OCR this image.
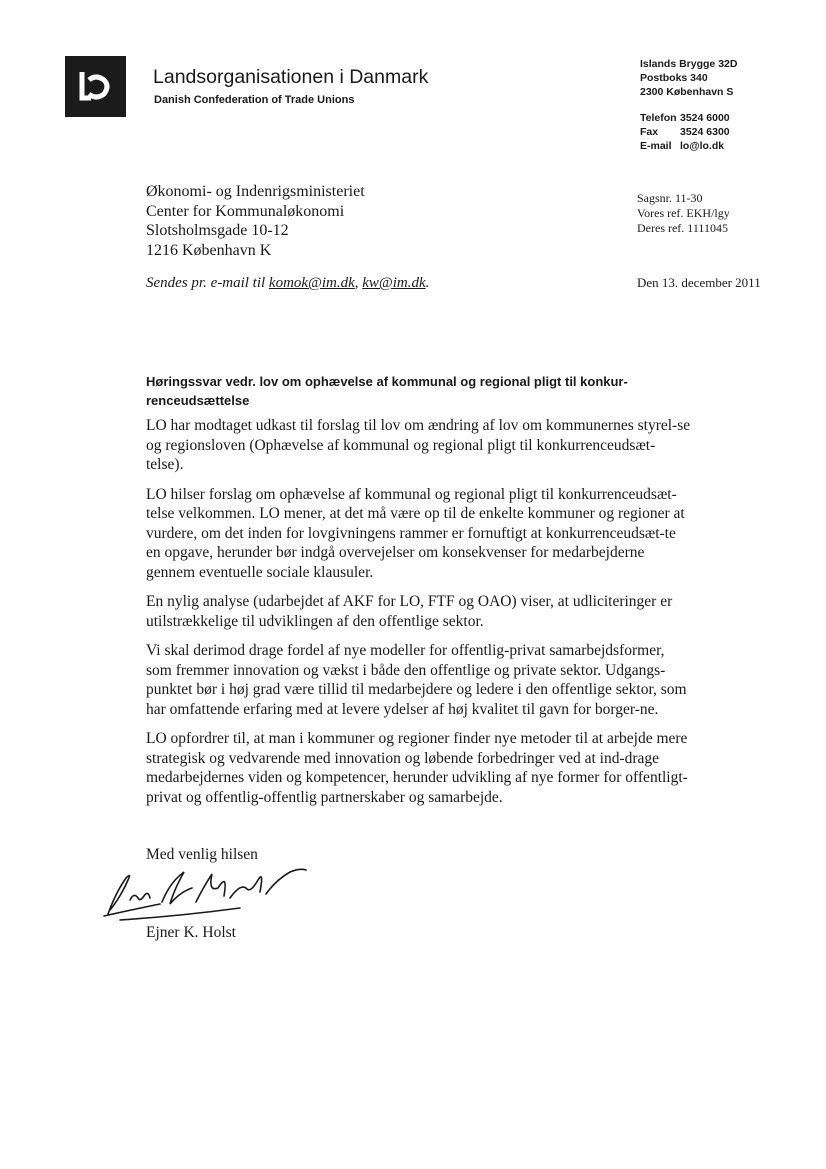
Landsorganisationen i Danmark
Danish Confederation of Trade Unions
Islands Brygge 32D
Postboks 340
2300 København S
Telefon 3524 6000
Fax	3524 6300
E-mail lo@lo.dk
Økonomi- og Indenrigsministeriet
Center for Kommunaløkonomi
Slotsholmsgade 10-12
1216 København K
Sagsnr. 11-30
Vores ref. EKH/lgy
Deres ref. 1111045
Sendes pr. e-mail til komok@im.dk, kw@im.dk.	Den 13. december 2011
Høringssvar vedr. lov om ophævelse af kommunal og regional pligt til konkur-renceudsættelse

LO har modtaget udkast til forslag til lov om ændring af lov om kommunernes styrel-se og regionsloven (Ophævelse af kommunal og regional pligt til konkurrenceudsæt-telse).

LO hilser forslag om ophævelse af kommunal og regional pligt til konkurrenceudsæt-telse velkommen. LO mener, at det må være op til de enkelte kommuner og regioner at vurdere, om det inden for lovgivningens rammer er fornuftigt at konkurrenceudsæt-te en opgave, herunder bør indgå overvejelser om konsekvenser for medarbejderne gennem eventuelle sociale klausuler.

En nylig analyse (udarbejdet af AKF for LO, FTF og OAO) viser, at udliciteringer er utilstrækkelige til udviklingen af den offentlige sektor.

Vi skal derimod drage fordel af nye modeller for offentlig-privat samarbejdsformer, som fremmer innovation og vækst i både den offentlige og private sektor. Udgangs-punktet bør i høj grad være tillid til medarbejdere og ledere i den offentlige sektor, som har omfattende erfaring med at levere ydelser af høj kvalitet til gavn for borger-ne.

LO opfordrer til, at man i kommuner og regioner finder nye metoder til at arbejde mere strategisk og vedvarende med innovation og løbende forbedringer ved at ind-drage medarbejdernes viden og kompetencer, herunder udvikling af nye former for offentligt-privat og offentlig-offentlig partnerskaber og samarbejde.

Med venlig hilsen
Ejner K. Holst
